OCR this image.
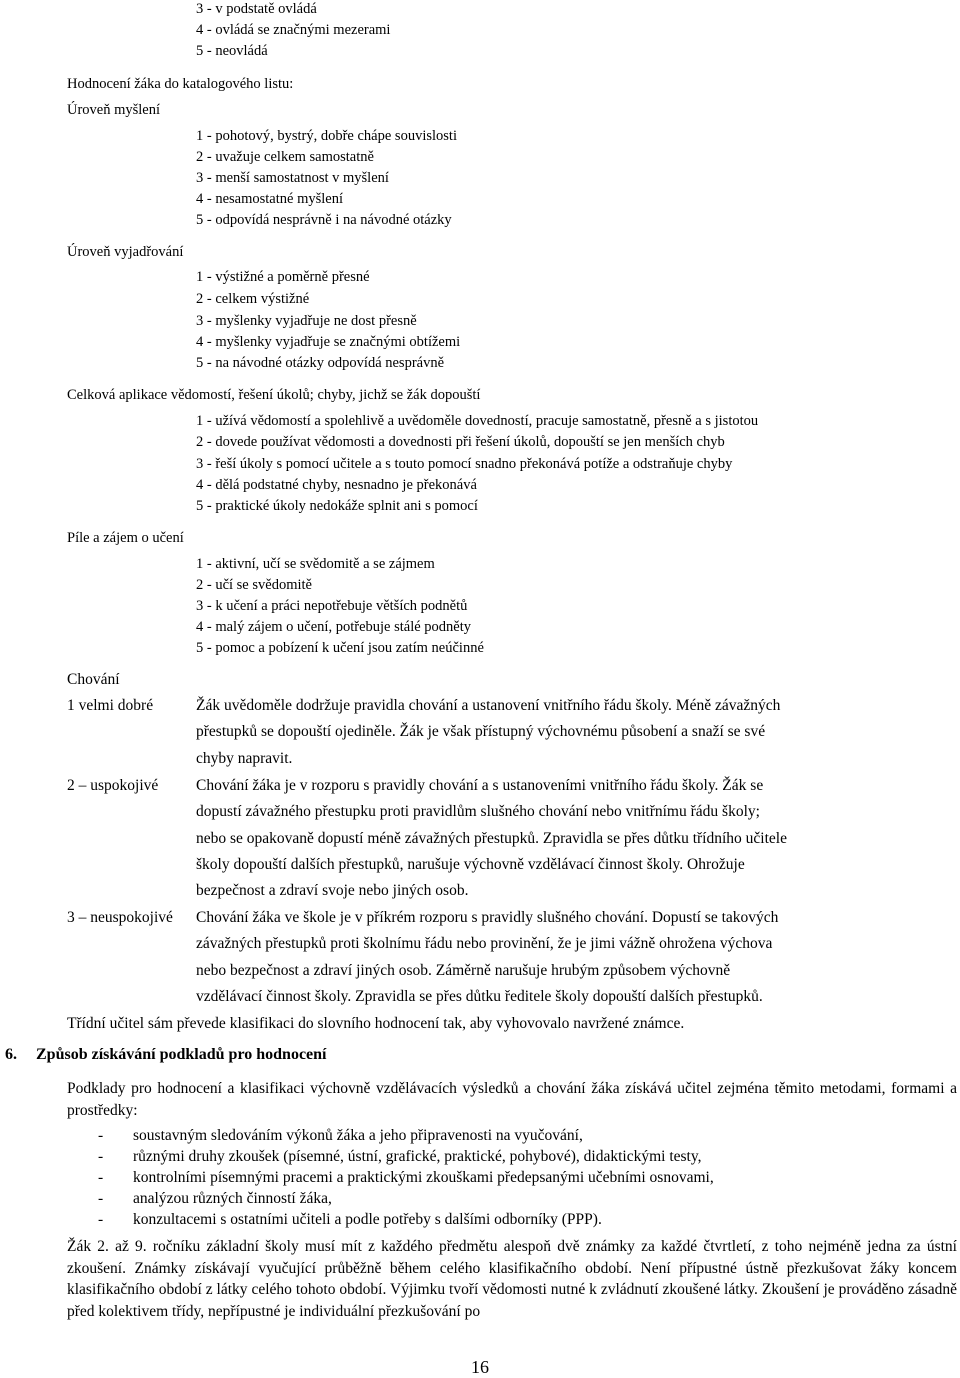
3 - v podstatě ovládá
4 - ovládá se značnými mezerami
5 - neovládá
Hodnocení žáka do katalogového listu:
Úroveň myšlení
1 - pohotový, bystrý, dobře chápe souvislosti
2 - uvažuje celkem samostatně
3 - menší samostatnost v myšlení
4 - nesamostatné myšlení
5 - odpovídá nesprávně i na návodné otázky
Úroveň vyjadřování
1 - výstižné a poměrně přesné
2 - celkem výstižné
3 - myšlenky vyjadřuje ne dost přesně
4 - myšlenky vyjadřuje se značnými obtížemi
5 - na návodné otázky odpovídá nesprávně
Celková aplikace vědomostí, řešení úkolů; chyby, jichž se žák dopouští
1 - užívá vědomostí a spolehlivě a uvědoměle dovedností, pracuje samostatně, přesně a s jistotou
2 - dovede používat vědomosti a dovednosti při řešení úkolů, dopouští se jen menších chyb
3 - řeší úkoly s pomocí učitele a s touto pomocí snadno překonává potíže a odstraňuje chyby
4 - dělá podstatné chyby, nesnadno je překonává
5 - praktické úkoly nedokáže splnit ani s pomocí
Píle a zájem o učení
1 - aktivní, učí se svědomitě a se zájmem
2 - učí se svědomitě
3 - k učení a práci nepotřebuje větších podnětů
4 - malý zájem o učení, potřebuje stálé podněty
5 - pomoc a pobízení k učení jsou zatím neúčinné
Chování
1 velmi dobré	Žák uvědoměle dodržuje pravidla chování a ustanovení vnitřního řádu školy. Méně závažných
přestupků se dopouští ojediněle. Žák je však přístupný výchovnému působení a snaží se své
chyby napravit.
2 – uspokojivé Chování žáka je v rozporu s pravidly chování a s ustanoveními vnitřního řádu školy. Žák se
dopustí závažného přestupku proti pravidlům slušného chování nebo vnitřnímu řádu školy;
nebo se opakovaně dopustí méně závažných přestupků. Zpravidla se přes důtku třídního učitele
školy dopouští dalších přestupků, narušuje výchovně vzdělávací činnost školy. Ohrožuje
bezpečnost a zdraví svoje nebo jiných osob.
3 – neuspokojivé Chování žáka ve škole je v příkrém rozporu s pravidly slušného chování. Dopustí se takových
závažných přestupků proti školnímu řádu nebo provinění, že je jimi vážně ohrožena výchova
nebo bezpečnost a zdraví jiných osob. Záměrně narušuje hrubým způsobem výchovně
vzdělávací činnost školy. Zpravidla se přes důtku ředitele školy dopouští dalších přestupků.
Třídní učitel sám převede klasifikaci do slovního hodnocení tak, aby vyhovovalo navržené známce.
6. Způsob získávání podkladů pro hodnocení
Podklady pro hodnocení a klasifikaci výchovně vzdělávacích výsledků a chování žáka získává učitel zejména těmito metodami, formami a prostředky:
- soustavným sledováním výkonů žáka a jeho připravenosti na vyučování,
- různými druhy zkoušek (písemné, ústní, grafické, praktické, pohybové), didaktickými testy,
- kontrolními písemnými pracemi a praktickými zkouškami předepsanými učebními osnovami,
- analýzou různých činností žáka,
- konzultacemi s ostatními učiteli a podle potřeby s dalšími odborníky (PPP).
Žák 2. až 9. ročníku základní školy musí mít z každého předmětu alespoň dvě známky za každé čtvrtletí, z toho nejméně jedna za ústní zkoušení. Známky získávají vyučující průběžně během celého klasifikačního období. Není přípustné ústně přezkušovat žáky koncem klasifikačního období z látky celého tohoto období. Výjimku tvoří vědomosti nutné k zvládnutí zkoušené látky. Zkoušení je prováděno zásadně před kolektivem třídy, nepřípustné je individuální přezkušování po
16
